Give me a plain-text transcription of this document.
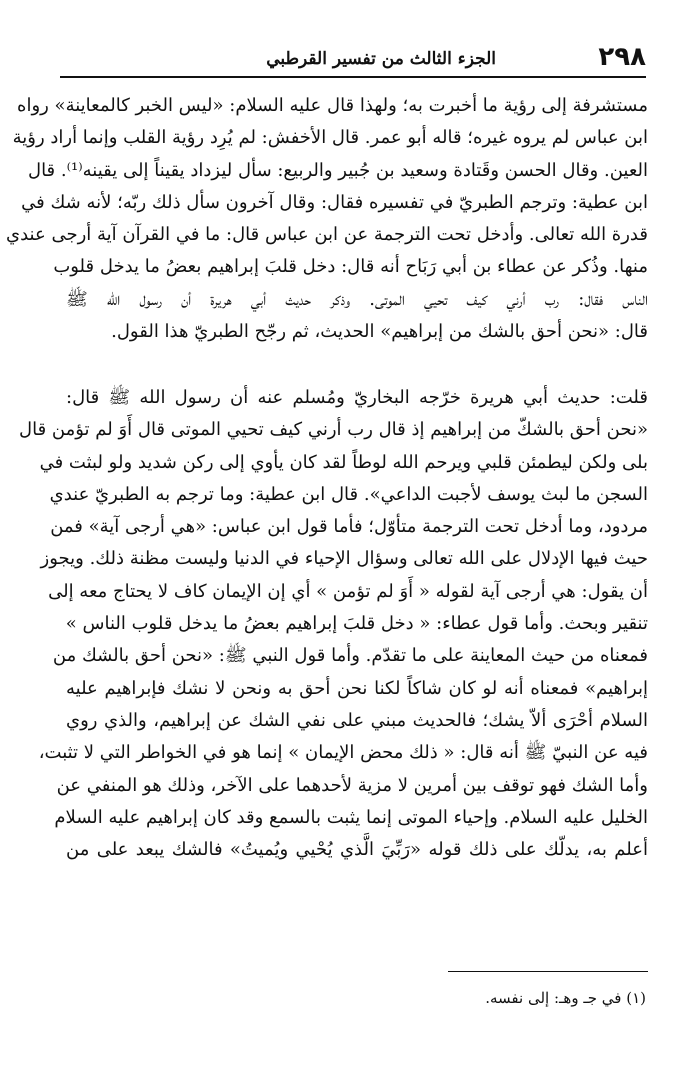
٢٩٨
الجزء الثالث من تفسير القرطبي
مستشرفة إلى رؤية ما أخبرت به؛ ولهذا قال عليه السلام: «ليس الخبر كالمعاينة» رواه
ابن عباس لم يروه غيره؛ قاله أبو عمر. قال الأخفش: لم يُرِد رؤية القلب وإنما أراد رؤية
العين. وقال الحسن وقَتادة وسعيد بن جُبير والربيع: سأل ليزداد يقيناً إلى يقينه⁽¹⁾. قال
ابن عطية: وترجم الطبريّ في تفسيره فقال: وقال آخرون سأل ذلك ربّه؛ لأنه شك في
قدرة الله تعالى. وأدخل تحت الترجمة عن ابن عباس قال: ما في القرآن آية أرجى عندي
منها. وذُكر عن عطاء بن أبي رَبَاح أنه قال: دخل قلبَ إبراهيم بعضُ ما يدخل قلوب
الناس فقال: رب أرني كيف تحيي الموتى. وذكر حديث أبي هريرة أن رسول الله ﷺ
قال: «نحن أحق بالشك من إبراهيم» الحديث، ثم رجّح الطبريّ هذا القول.
قلت: حديث أبي هريرة خرّجه البخاريّ ومُسلم عنه أن رسول الله ﷺ قال:
«نحن أحق بالشكّ من إبراهيم إذ قال رب أرني كيف تحيي الموتى قال أَوَ لم تؤمن قال
بلى ولكن ليطمئن قلبي ويرحم الله لوطاً لقد كان يأوي إلى ركن شديد ولو لبثت في
السجن ما لبث يوسف لأجبت الداعي». قال ابن عطية: وما ترجم به الطبريّ عندي
مردود، وما أدخل تحت الترجمة متأوّل؛ فأما قول ابن عباس: «هي أرجى آية» فمن
حيث فيها الإدلال على الله تعالى وسؤال الإحياء في الدنيا وليست مظنة ذلك. ويجوز
أن يقول: هي أرجى آية لقوله « أَوَ لم تؤمن » أي إن الإيمان كاف لا يحتاج معه إلى
تنقير وبحث. وأما قول عطاء: « دخل قلبَ إبراهيم بعضُ ما يدخل قلوب الناس »
فمعناه من حيث المعاينة على ما تقدّم. وأما قول النبي ﷺ: «نحن أحق بالشك من
إبراهيم» فمعناه أنه لو كان شاكاً لكنا نحن أحق به ونحن لا نشك فإبراهيم عليه
السلام أحْرَى ألاّ يشك؛ فالحديث مبني على نفي الشك عن إبراهيم، والذي روي
فيه عن النبيّ ﷺ أنه قال: « ذلك محض الإيمان » إنما هو في الخواطر التي لا تثبت،
وأما الشك فهو توقف بين أمرين لا مزية لأحدهما على الآخر، وذلك هو المنفي عن
الخليل عليه السلام. وإحياء الموتى إنما يثبت بالسمع وقد كان إبراهيم عليه السلام
أعلم به، يدلّك على ذلك قوله «رَبِّيَ الَّذي يُحْيي ويُميتُ» فالشك يبعد على من
(١) في جـ وهـ: إلى نفسه.
